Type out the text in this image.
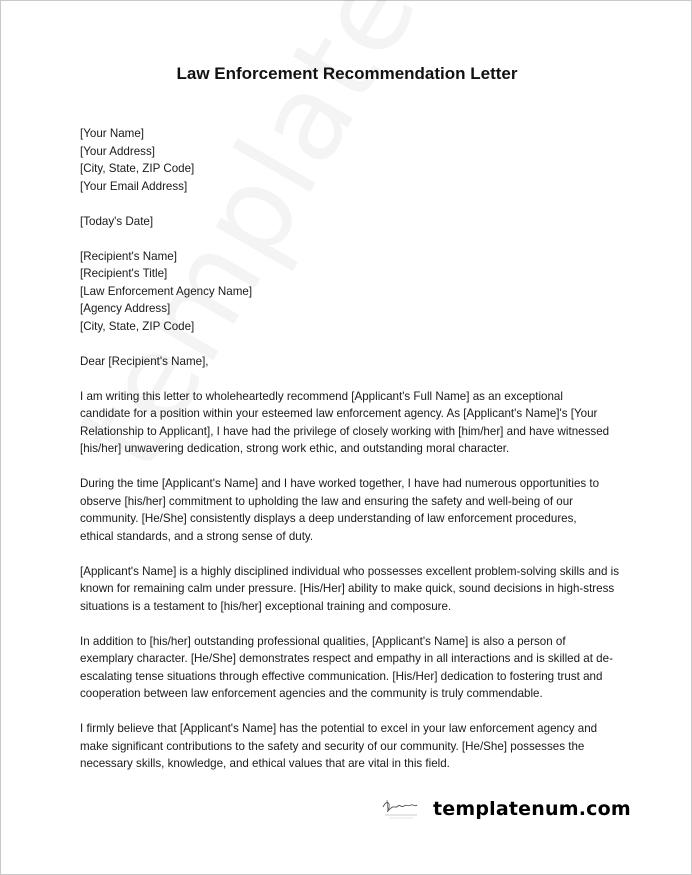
Law Enforcement Recommendation Letter
[Your Name]
[Your Address]
[City, State, ZIP Code]
[Your Email Address]
[Today's Date]
[Recipient's Name]
[Recipient's Title]
[Law Enforcement Agency Name]
[Agency Address]
[City, State, ZIP Code]
Dear [Recipient's Name],
I am writing this letter to wholeheartedly recommend [Applicant's Full Name] as an exceptional
candidate for a position within your esteemed law enforcement agency. As [Applicant's Name]'s [Your
Relationship to Applicant], I have had the privilege of closely working with [him/her] and have witnessed
[his/her] unwavering dedication, strong work ethic, and outstanding moral character.
During the time [Applicant's Name] and I have worked together, I have had numerous opportunities to
observe [his/her] commitment to upholding the law and ensuring the safety and well-being of our
community. [He/She] consistently displays a deep understanding of law enforcement procedures,
ethical standards, and a strong sense of duty.
[Applicant's Name] is a highly disciplined individual who possesses excellent problem-solving skills and is
known for remaining calm under pressure. [His/Her] ability to make quick, sound decisions in high-stress
situations is a testament to [his/her] exceptional training and composure.
In addition to [his/her] outstanding professional qualities, [Applicant's Name] is also a person of
exemplary character. [He/She] demonstrates respect and empathy in all interactions and is skilled at de-
escalating tense situations through effective communication. [His/Her] dedication to fostering trust and
cooperation between law enforcement agencies and the community is truly commendable.
I firmly believe that [Applicant's Name] has the potential to excel in your law enforcement agency and
make significant contributions to the safety and security of our community. [He/She] possesses the
necessary skills, knowledge, and ethical values that are vital in this field.
templatenum.com
